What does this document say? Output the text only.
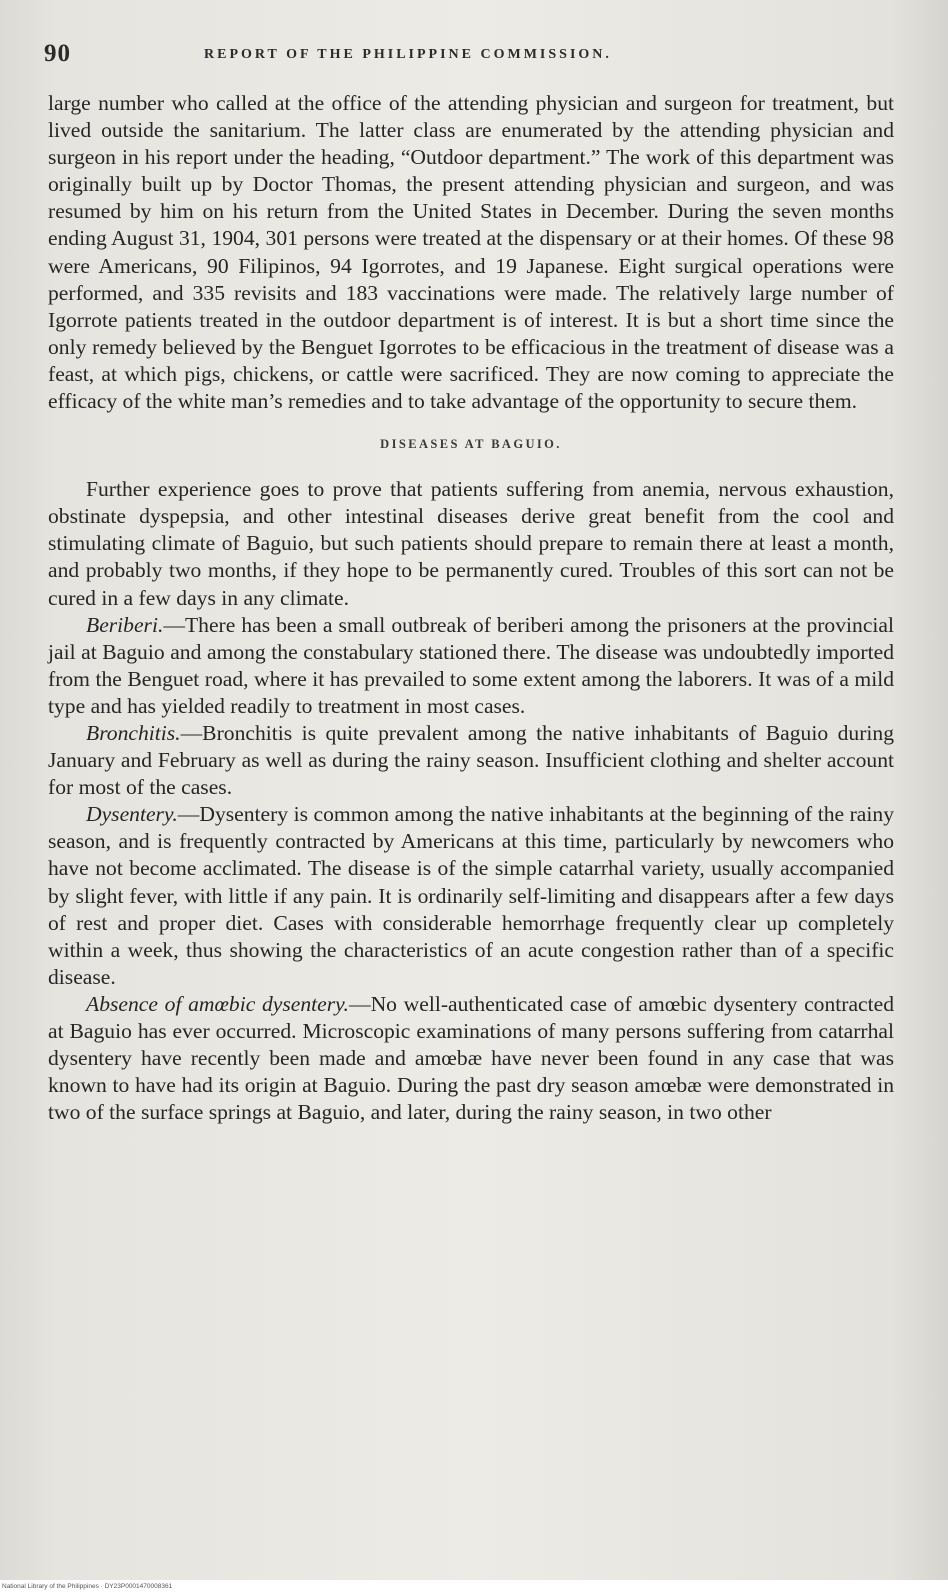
90	REPORT OF THE PHILIPPINE COMMISSION.

large number who called at the office of the attending physician and surgeon for treatment, but lived outside the sanitarium. The latter class are enumerated by the attending physician and surgeon in his report under the heading, “Outdoor department.” The work of this department was originally built up by Doctor Thomas, the present attending physician and surgeon, and was resumed by him on his return from the United States in December. During the seven months ending August 31, 1904, 301 persons were treated at the dispensary or at their homes. Of these 98 were Americans, 90 Filipinos, 94 Igorrotes, and 19 Japanese. Eight surgical operations were performed, and 335 revisits and 183 vaccinations were made. The relatively large number of Igorrote patients treated in the outdoor department is of interest. It is but a short time since the only remedy believed by the Benguet Igorrotes to be efficacious in the treatment of disease was a feast, at which pigs, chickens, or cattle were sacrificed. They are now coming to appreciate the efficacy of the white man’s remedies and to take advantage of the opportunity to secure them.

DISEASES AT BAGUIO.

Further experience goes to prove that patients suffering from anemia, nervous exhaustion, obstinate dyspepsia, and other intestinal diseases derive great benefit from the cool and stimulating climate of Baguio, but such patients should prepare to remain there at least a month, and probably two months, if they hope to be permanently cured. Troubles of this sort can not be cured in a few days in any climate.

Beriberi.—There has been a small outbreak of beriberi among the prisoners at the provincial jail at Baguio and among the constabulary stationed there. The disease was undoubtedly imported from the Benguet road, where it has prevailed to some extent among the laborers. It was of a mild type and has yielded readily to treatment in most cases.

Bronchitis.—Bronchitis is quite prevalent among the native inhabitants of Baguio during January and February as well as during the rainy season. Insufficient clothing and shelter account for most of the cases.

Dysentery.—Dysentery is common among the native inhabitants at the beginning of the rainy season, and is frequently contracted by Americans at this time, particularly by newcomers who have not become acclimated. The disease is of the simple catarrhal variety, usually accompanied by slight fever, with little if any pain. It is ordinarily self-limiting and disappears after a few days of rest and proper diet. Cases with considerable hemorrhage frequently clear up completely within a week, thus showing the characteristics of an acute congestion rather than of a specific disease.

Absence of amœbic dysentery.—No well-authenticated case of amœbic dysentery contracted at Baguio has ever occurred. Microscopic examinations of many persons suffering from catarrhal dysentery have recently been made and amœbæ have never been found in any case that was known to have had its origin at Baguio. During the past dry season amœbæ were demonstrated in two of the surface springs at Baguio, and later, during the rainy season, in two other

National Library of the Philippines · DY23P0001470008361
